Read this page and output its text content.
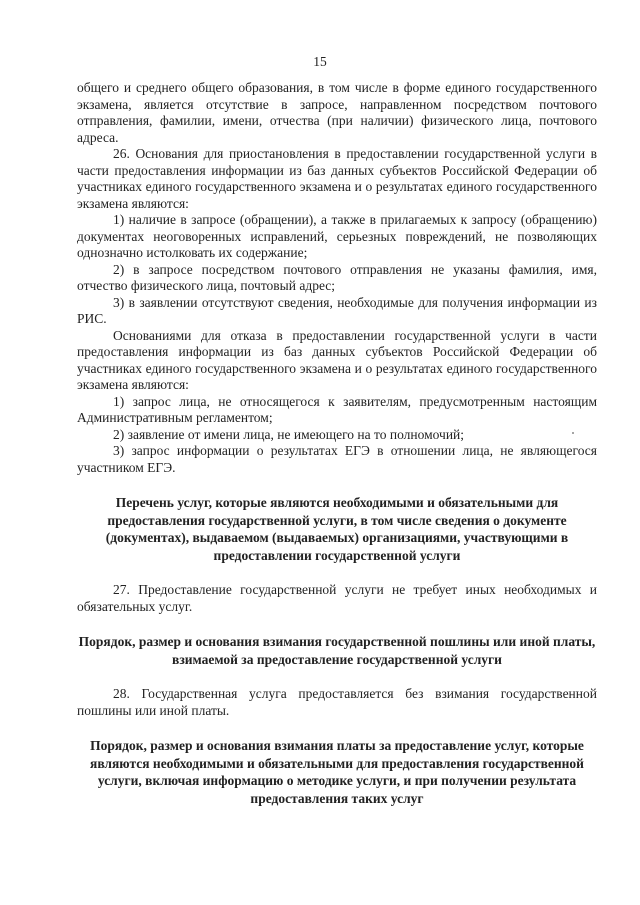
15

общего и среднего общего образования, в том числе в форме единого государственного экзамена, является отсутствие в запросе, направленном посредством почтового отправления, фамилии, имени, отчества (при наличии) физического лица, почтового адреса.

26. Основания для приостановления в предоставлении государственной услуги в части предоставления информации из баз данных субъектов Российской Федерации об участниках единого государственного экзамена и о результатах единого государственного экзамена являются:

1) наличие в запросе (обращении), а также в прилагаемых к запросу (обращению) документах неоговоренных исправлений, серьезных повреждений, не позволяющих однозначно истолковать их содержание;

2) в запросе посредством почтового отправления не указаны фамилия, имя, отчество физического лица, почтовый адрес;

3) в заявлении отсутствуют сведения, необходимые для получения информации из РИС.

Основаниями для отказа в предоставлении государственной услуги в части предоставления информации из баз данных субъектов Российской Федерации об участниках единого государственного экзамена и о результатах единого государственного экзамена являются:

1) запрос лица, не относящегося к заявителям, предусмотренным настоящим Административным регламентом;

2) заявление от имени лица, не имеющего на то полномочий;

3) запрос информации о результатах ЕГЭ в отношении лица, не являющегося участником ЕГЭ.

Перечень услуг, которые являются необходимыми и обязательными для предоставления государственной услуги, в том числе сведения о документе (документах), выдаваемом (выдаваемых) организациями, участвующими в предоставлении государственной услуги

27. Предоставление государственной услуги не требует иных необходимых и обязательных услуг.

Порядок, размер и основания взимания государственной пошлины или иной платы, взимаемой за предоставление государственной услуги

28. Государственная услуга предоставляется без взимания государственной пошлины или иной платы.

Порядок, размер и основания взимания платы за предоставление услуг, которые являются необходимыми и обязательными для предоставления государственной услуги, включая информацию о методике услуги, и при получении результата предоставления таких услуг
